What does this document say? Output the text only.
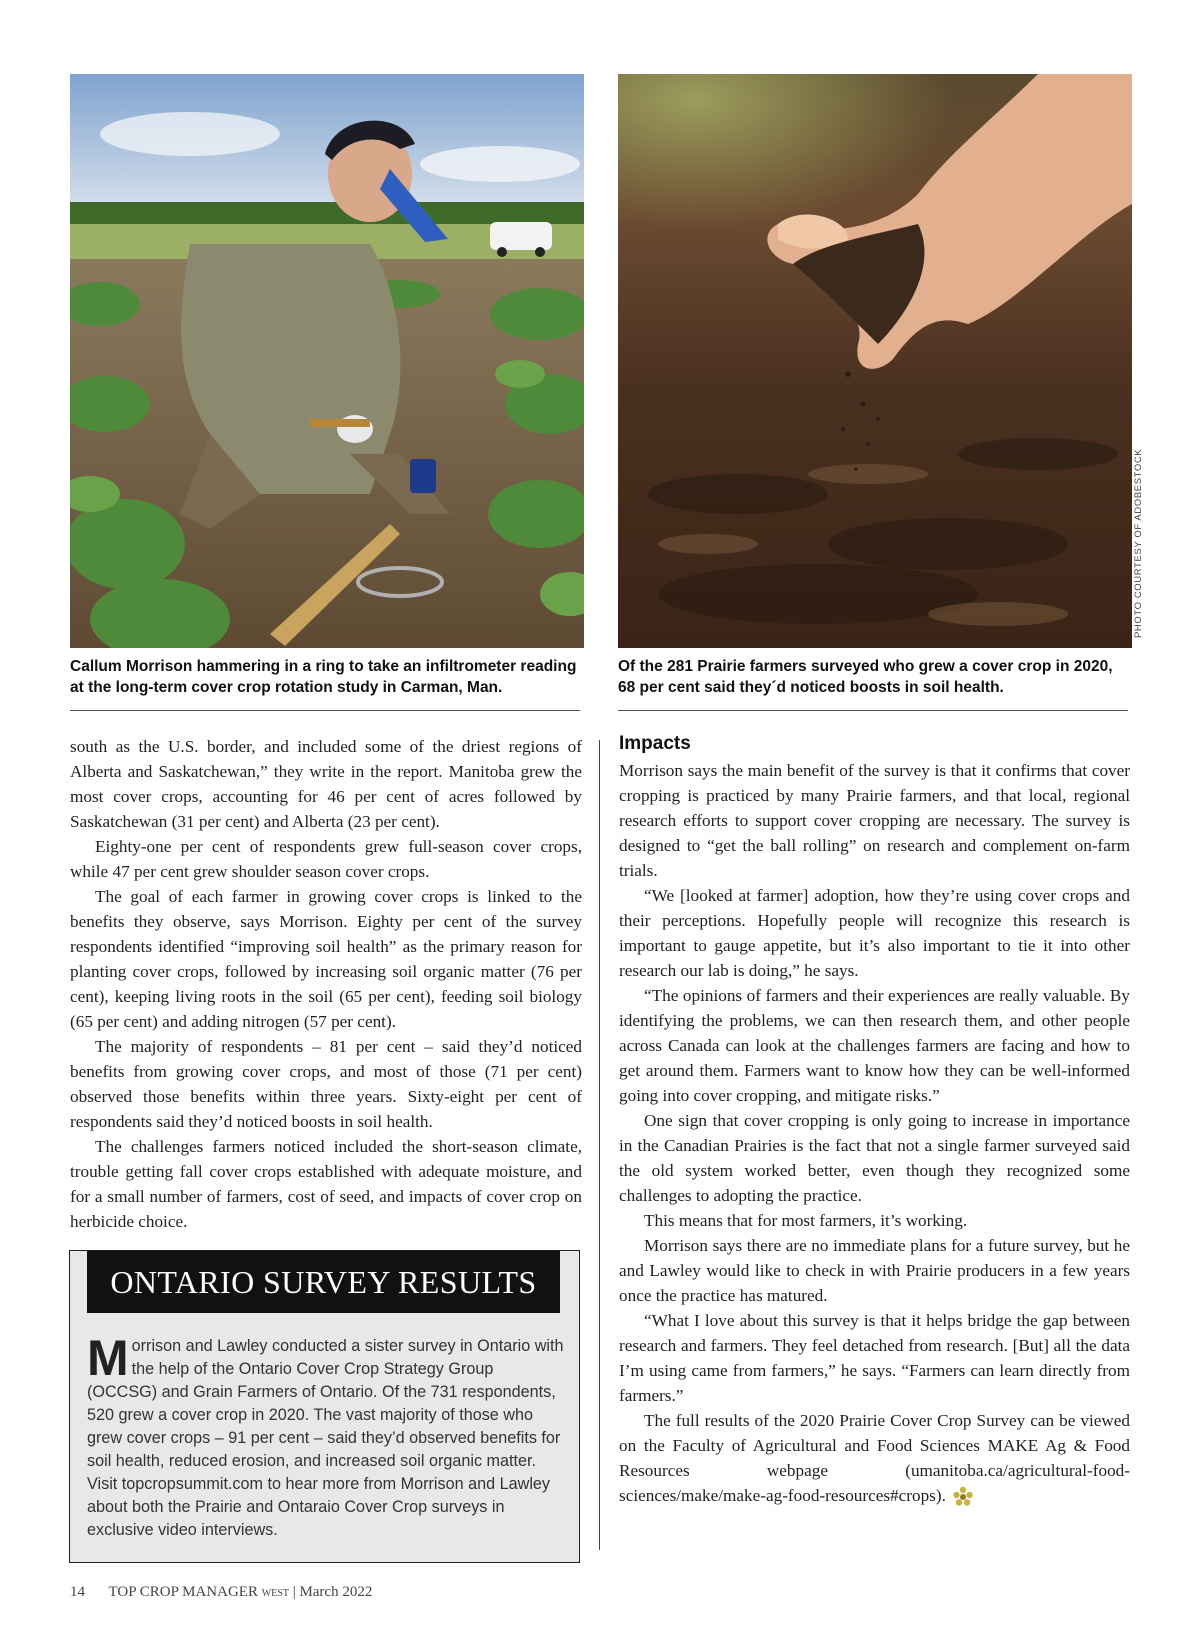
PHOTO COURTESY OF ADOBESTOCK
Callum Morrison hammering in a ring to take an infiltrometer reading at the long-term cover crop rotation study in Carman, Man.
Of the 281 Prairie farmers surveyed who grew a cover crop in 2020, 68 per cent said they´d noticed boosts in soil health.

south as the U.S. border, and included some of the driest regions of Alberta and Saskatchewan,” they write in the report. Manitoba grew the most cover crops, accounting for 46 per cent of acres followed by Saskatchewan (31 per cent) and Alberta (23 per cent).

Eighty-one per cent of respondents grew full-season cover crops, while 47 per cent grew shoulder season cover crops.

The goal of each farmer in growing cover crops is linked to the benefits they observe, says Morrison. Eighty per cent of the survey respondents identified “improving soil health” as the primary reason for planting cover crops, followed by increasing soil organic matter (76 per cent), keeping living roots in the soil (65 per cent), feeding soil biology (65 per cent) and adding nitrogen (57 per cent).

The majority of respondents – 81 per cent – said they’d noticed benefits from growing cover crops, and most of those (71 per cent) observed those benefits within three years. Sixty-eight per cent of respondents said they’d noticed boosts in soil health.

The challenges farmers noticed included the short-season climate, trouble getting fall cover crops established with adequate moisture, and for a small number of farmers, cost of seed, and impacts of cover crop on herbicide choice.

ONTARIO SURVEY RESULTS

Morrison and Lawley conducted a sister survey in Ontario with the help of the Ontario Cover Crop Strategy Group (OCCSG) and Grain Farmers of Ontario. Of the 731 respondents, 520 grew a cover crop in 2020. The vast majority of those who grew cover crops – 91 per cent – said they’d observed benefits for soil health, reduced erosion, and increased soil organic matter. Visit topcropsummit.com to hear more from Morrison and Lawley about both the Prairie and Ontaraio Cover Crop surveys in exclusive video interviews.

Impacts

Morrison says the main benefit of the survey is that it confirms that cover cropping is practiced by many Prairie farmers, and that local, regional research efforts to support cover cropping are necessary. The survey is designed to “get the ball rolling” on research and complement on-farm trials.

“We [looked at farmer] adoption, how they’re using cover crops and their perceptions. Hopefully people will recognize this research is important to gauge appetite, but it’s also important to tie it into other research our lab is doing,” he says.

“The opinions of farmers and their experiences are really valuable. By identifying the problems, we can then research them, and other people across Canada can look at the challenges farmers are facing and how to get around them. Farmers want to know how they can be well-informed going into cover cropping, and mitigate risks.”

One sign that cover cropping is only going to increase in importance in the Canadian Prairies is the fact that not a single farmer surveyed said the old system worked better, even though they recognized some challenges to adopting the practice.

This means that for most farmers, it’s working.

Morrison says there are no immediate plans for a future survey, but he and Lawley would like to check in with Prairie producers in a few years once the practice has matured.

“What I love about this survey is that it helps bridge the gap between research and farmers. They feel detached from research. [But] all the data I’m using came from farmers,” he says. “Farmers can learn directly from farmers.”

The full results of the 2020 Prairie Cover Crop Survey can be viewed on the Faculty of Agricultural and Food Sciences MAKE Ag & Food Resources webpage (umanitoba.ca/agricultural-food-sciences/make/make-ag-food-resources#crops).

14 TOP CROP MANAGER WEST | March 2022
